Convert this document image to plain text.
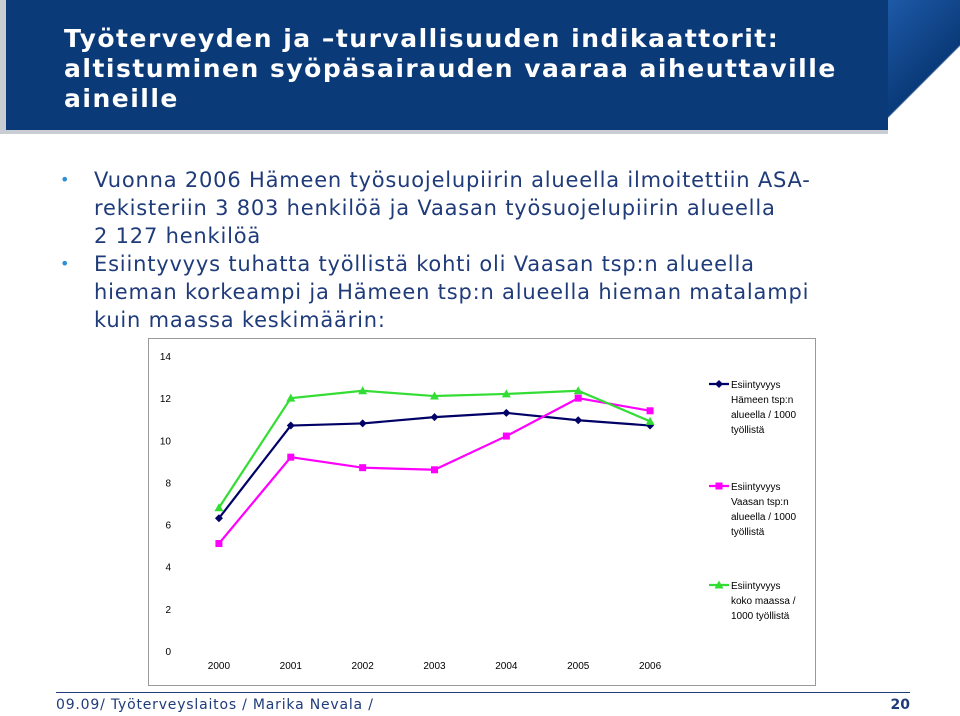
Työterveyden ja –turvallisuuden indikaattorit:
altistuminen syöpäsairauden vaaraa aiheuttaville
aineille
• Vuonna 2006 Hämeen työsuojelupiirin alueella ilmoitettiin ASA-
rekisteriin 3 803 henkilöä ja Vaasan työsuojelupiirin alueella
2 127 henkilöä
• Esiintyvyys tuhatta työllistä kohti oli Vaasan tsp:n alueella
hieman korkeampi ja Hämeen tsp:n alueella hieman matalampi
kuin maassa keskimäärin:
0
2
4
6
8
10
12
14
2000	2001	2002	2003	2004	2005	2006
Esiintyvyys
Hämeen tsp:n
alueella / 1000
työllistä
Esiintyvyys
Vaasan tsp:n
alueella / 1000
työllistä
Esiintyvyys
koko maassa /
1000 työllistä
09.09/ Työterveyslaitos / Marika Nevala /	20
